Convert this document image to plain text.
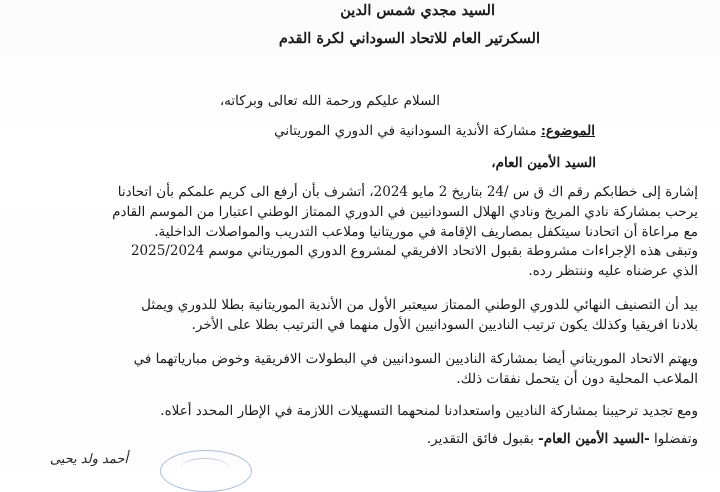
السيد مجدي شمس الدين
السكرتير العام للاتحاد السوداني لكرة القدم
السلام عليكم ورحمة الله تعالى وبركاته،
الموضوع: مشاركة الأندية السودانية في الدوري الموريتاني
السيد الأمين العام،
إشارة إلى خطابكم رقم اك ق س /24 بتاريخ 2 مايو 2024، أتشرف بأن أرفع الى كريم علمكم بأن اتحادنا
يرحب بمشاركة نادي المريخ ونادي الهلال السودانيين في الدوري الممتاز الوطني اعتبارا من الموسم القادم
مع مراعاة أن اتحادنا سيتكفل بمصاريف الإقامة في موريتانيا وملاعب التدريب والمواصلات الداخلية.
وتبقى هذه الإجراءات مشروطة بقبول الاتحاد الافريقي لمشروع الدوري الموريتاني موسم 2025/2024
الذي عرضناه عليه وننتظر رده.
بيد أن التصنيف النهائي للدوري الوطني الممتاز سيعتبر الأول من الأندية الموريتانية بطلا للدوري ويمثل
بلادنا افريقيا وكذلك يكون ترتيب الناديين السودانيين الأول منهما في الترتيب بطلا على الأخر.
ويهتم الاتحاد الموريتاني أيضا بمشاركة الناديين السودانيين في البطولات الافريقية وخوض مبارياتهما في
الملاعب المحلية دون أن يتحمل نفقات ذلك.
ومع تجديد ترحيبنا بمشاركة الناديين واستعدادنا لمنحهما التسهيلات اللازمة في الإطار المحدد أعلاه.
وتفضلوا -السيد الأمين العام- بقبول فائق التقدير.
أحمد ولد يحيى
